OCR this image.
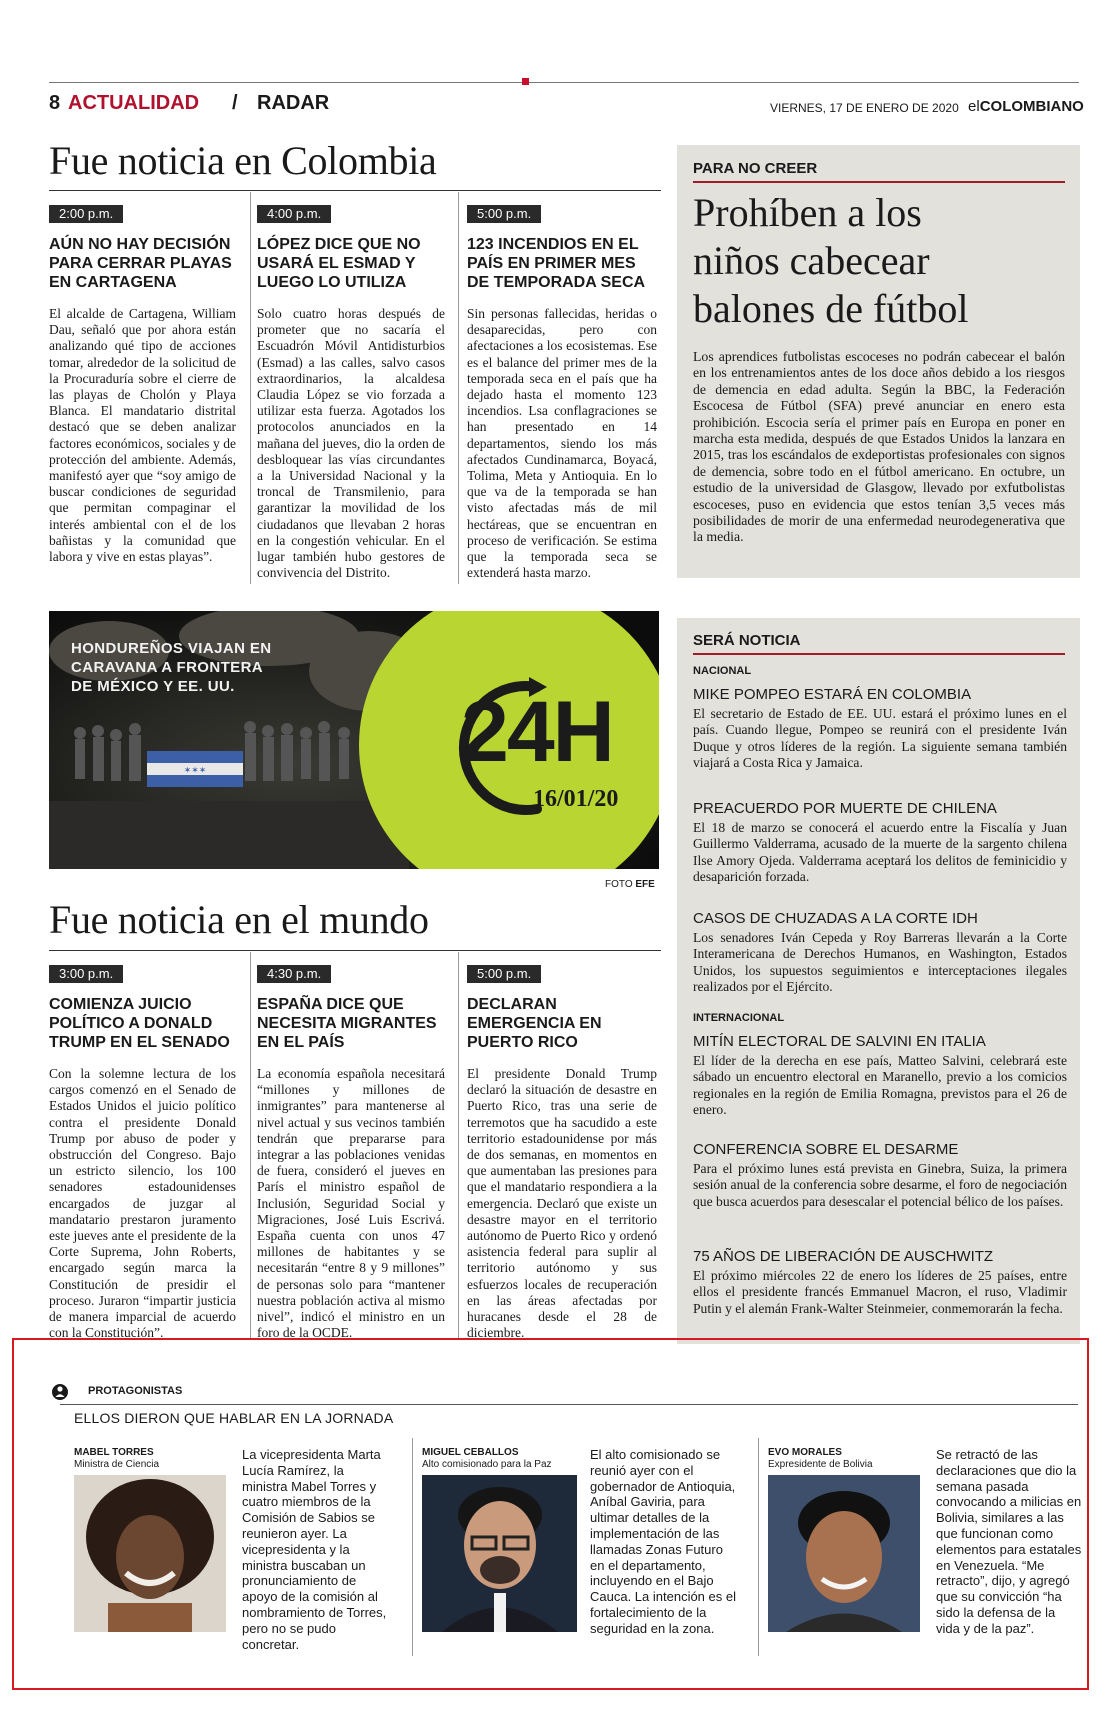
8 ACTUALIDAD / RADAR	VIERNES, 17 DE ENERO DE 2020 elCOLOMBIANO
Fue noticia en Colombia
2:00 p.m.
AÚN NO HAY DECISIÓN PARA CERRAR PLAYAS EN CARTAGENA
El alcalde de Cartagena, William Dau, señaló que por ahora están analizando qué tipo de acciones tomar, alrededor de la solicitud de la Procuraduría sobre el cierre de las playas de Cholón y Playa Blanca. El mandatario distrital destacó que se deben analizar factores económicos, sociales y de protección del ambiente. Además, manifestó ayer que “soy amigo de buscar condiciones de seguridad que permitan compaginar el interés ambiental con el de los bañistas y la comunidad que labora y vive en estas playas”.
4:00 p.m.
LÓPEZ DICE QUE NO USARÁ EL ESMAD Y LUEGO LO UTILIZA
Solo cuatro horas después de prometer que no sacaría el Escuadrón Móvil Antidisturbios (Esmad) a las calles, salvo casos extraordinarios, la alcaldesa Claudia López se vio forzada a utilizar esta fuerza. Agotados los protocolos anunciados en la mañana del jueves, dio la orden de desbloquear las vías circundantes a la Universidad Nacional y la troncal de Transmilenio, para garantizar la movilidad de los ciudadanos que llevaban 2 horas en la congestión vehicular. En el lugar también hubo gestores de convivencia del Distrito.
5:00 p.m.
123 INCENDIOS EN EL PAÍS EN PRIMER MES DE TEMPORADA SECA
Sin personas fallecidas, heridas o desaparecidas, pero con afectaciones a los ecosistemas. Ese es el balance del primer mes de la temporada seca en el país que ha dejado hasta el momento 123 incendios. Lsa conflagraciones se han presentado en 14 departamentos, siendo los más afectados Cundinamarca, Boyacá, Tolima, Meta y Antioquia. En lo que va de la temporada se han visto afectadas más de mil hectáreas, que se encuentran en proceso de verificación. Se estima que la temporada seca se extenderá hasta marzo.
PARA NO CREER
Prohíben a los
niños cabecear
balones de fútbol
Los aprendices futbolistas escoceses no podrán cabecear el balón en los entrenamientos antes de los doce años debido a los riesgos de demencia en edad adulta. Según la BBC, la Federación Escocesa de Fútbol (SFA) prevé anunciar en enero esta prohibición. Escocia sería el primer país en Europa en poner en marcha esta medida, después de que Estados Unidos la lanzara en 2015, tras los escándalos de exdeportistas profesionales con signos de demencia, sobre todo en el fútbol americano. En octubre, un estudio de la universidad de Glasgow, llevado por exfutbolistas escoceses, puso en evidencia que estos tenían 3,5 veces más posibilidades de morir de una enfermedad neurodegenerativa que la media.
✶✶✶
HONDUREÑOS VIAJAN EN
CARAVANA A FRONTERA
DE MÉXICO Y EE. UU.	24H
16/01/20
FOTO EFE
Fue noticia en el mundo
3:00 p.m.
COMIENZA JUICIO POLÍTICO A DONALD TRUMP EN EL SENADO
Con la solemne lectura de los cargos comenzó en el Senado de Estados Unidos el juicio político contra el presidente Donald Trump por abuso de poder y obstrucción del Congreso. Bajo un estricto silencio, los 100 senadores estadounidenses encargados de juzgar al mandatario prestaron juramento este jueves ante el presidente de la Corte Suprema, John Roberts, encargado según marca la Constitución de presidir el proceso. Juraron “impartir justicia de manera imparcial de acuerdo con la Constitución”.
4:30 p.m.
ESPAÑA DICE QUE NECESITA MIGRANTES EN EL PAÍS
La economía española necesitará “millones y millones de inmigrantes” para mantenerse al nivel actual y sus vecinos también tendrán que prepararse para integrar a las poblaciones venidas de fuera, consideró el jueves en París el ministro español de Inclusión, Seguridad Social y Migraciones, José Luis Escrivá. España cuenta con unos 47 millones de habitantes y se necesitarán “entre 8 y 9 millones” de personas solo para “mantener nuestra población activa al mismo nivel”, indicó el ministro en un foro de la OCDE.
5:00 p.m.
DECLARAN EMERGENCIA EN PUERTO RICO
El presidente Donald Trump declaró la situación de desastre en Puerto Rico, tras una serie de terremotos que ha sacudido a este territorio estadounidense por más de dos semanas, en momentos en que aumentaban las presiones para que el mandatario respondiera a la emergencia. Declaró que existe un desastre mayor en el territorio autónomo de Puerto Rico y ordenó asistencia federal para suplir al territorio autónomo y sus esfuerzos locales de recuperación en las áreas afectadas por huracanes desde el 28 de diciembre.
SERÁ NOTICIA
NACIONAL
MIKE POMPEO ESTARÁ EN COLOMBIA
El secretario de Estado de EE. UU. estará el próximo lunes en el país. Cuando llegue, Pompeo se reunirá con el presidente Iván Duque y otros líderes de la región. La siguiente semana también viajará a Costa Rica y Jamaica.
PREACUERDO POR MUERTE DE CHILENA
El 18 de marzo se conocerá el acuerdo entre la Fiscalía y Juan Guillermo Valderrama, acusado de la muerte de la sargento chilena Ilse Amory Ojeda. Valderrama aceptará los delitos de feminicidio y desaparición forzada.
CASOS DE CHUZADAS A LA CORTE IDH
Los senadores Iván Cepeda y Roy Barreras llevarán a la Corte Interamericana de Derechos Humanos, en Washington, Estados Unidos, los supuestos seguimientos e interceptaciones ilegales realizados por el Ejército.
INTERNACIONAL
MITÍN ELECTORAL DE SALVINI EN ITALIA
El líder de la derecha en ese país, Matteo Salvini, celebrará este sábado un encuentro electoral en Maranello, previo a los comicios regionales en la región de Emilia Romagna, previstos para el 26 de enero.
CONFERENCIA SOBRE EL DESARME
Para el próximo lunes está prevista en Ginebra, Suiza, la primera sesión anual de la conferencia sobre desarme, el foro de negociación que busca acuerdos para desescalar el potencial bélico de los países.
75 AÑOS DE LIBERACIÓN DE AUSCHWITZ
El próximo miércoles 22 de enero los líderes de 25 países, entre ellos el presidente francés Emmanuel Macron, el ruso, Vladimir Putin y el alemán Frank-Walter Steinmeier, conmemorarán la fecha.
PROTAGONISTAS
ELLOS DIERON QUE HABLAR EN LA JORNADA
MABEL TORRES
Ministra de Ciencia
La vicepresidenta Marta Lucía Ramírez, la ministra Mabel Torres y cuatro miembros de la Comisión de Sabios se reunieron ayer. La vicepresidenta y la ministra buscaban un pronunciamiento de apoyo de la comisión al nombramiento de Torres, pero no se pudo concretar.
MIGUEL CEBALLOS
Alto comisionado para la Paz
El alto comisionado se reunió ayer con el gobernador de Antioquia, Aníbal Gaviria, para ultimar detalles de la implementación de las llamadas Zonas Futuro en el departamento, incluyendo en el Bajo Cauca. La intención es el fortalecimiento de la seguridad en la zona.
EVO MORALES
Expresidente de Bolivia
Se retractó de las declaraciones que dio la semana pasada convocando a milicias en Bolivia, similares a las que funcionan como elementos para estatales en Venezuela. “Me retracto”, dijo, y agregó que su convicción “ha sido la defensa de la vida y de la paz”.
